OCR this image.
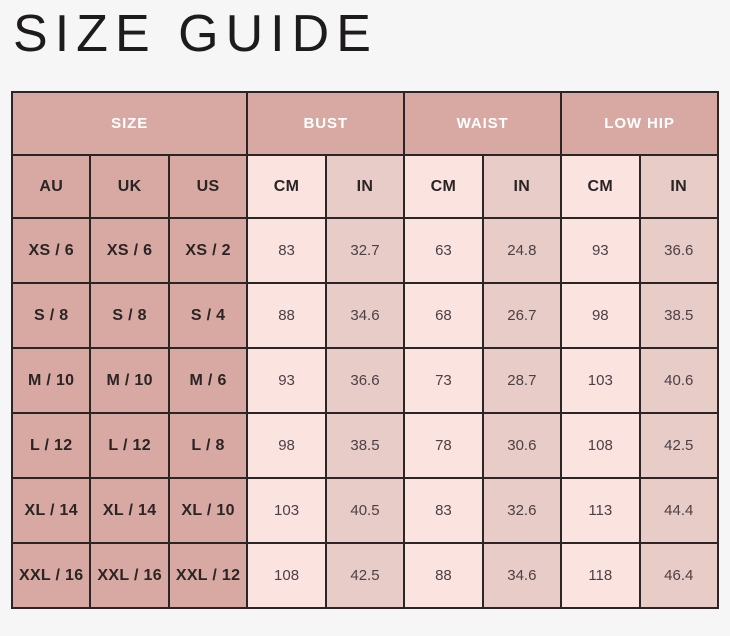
SIZE GUIDE
SIZE			BUST		WAIST		LOW HIP	
AU	UK	US	CM	IN	CM	IN	CM	IN
XS / 6	XS / 6	XS / 2	83	32.7	63	24.8	93	36.6
S / 8	S / 8	S / 4	88	34.6	68	26.7	98	38.5
M / 10	M / 10	M / 6	93	36.6	73	28.7	103	40.6
L / 12	L / 12	L / 8	98	38.5	78	30.6	108	42.5
XL / 14	XL / 14	XL / 10	103	40.5	83	32.6	113	44.4
XXL / 16	XXL / 16	XXL / 12	108	42.5	88	34.6	118	46.4
